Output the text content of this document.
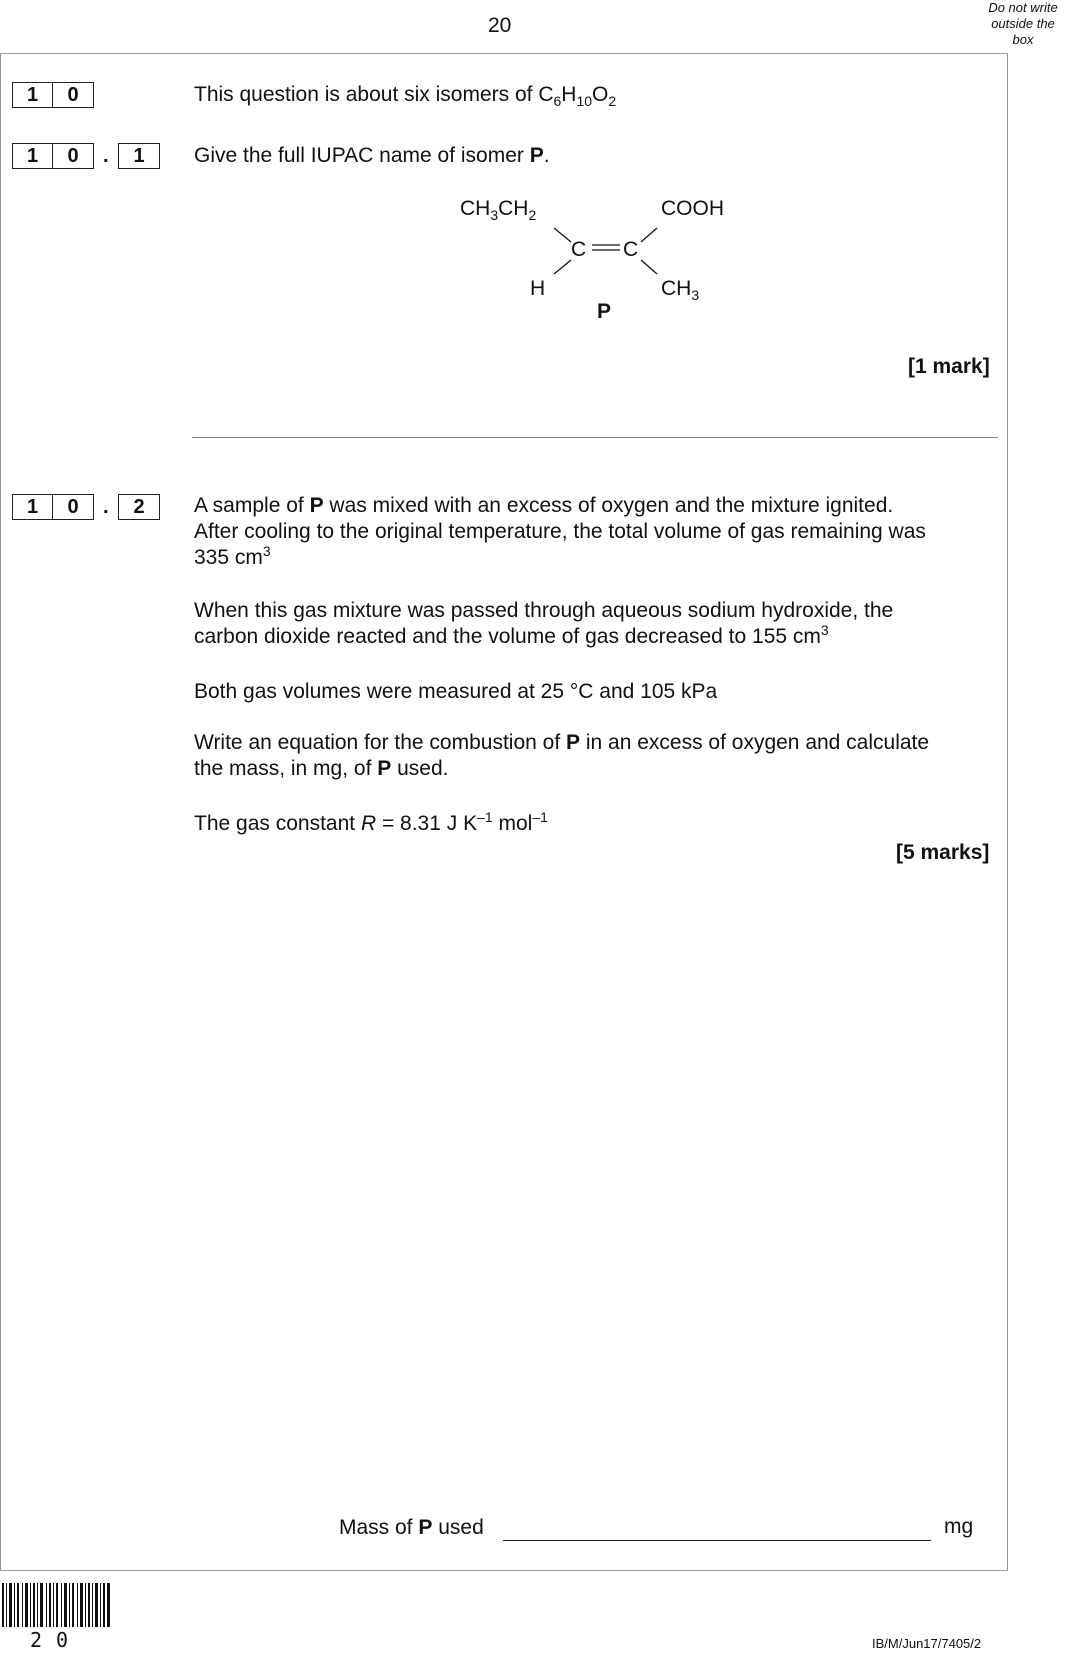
20
Do not write
outside the
box
1	0	This question is about six isomers of $C_6H_{10}O_2$
1	0	.	1	Give the full IUPAC name of isomer P.
$CH_3CH_2$	COOH
C C
H	$CH_3$
P
[1 mark]
1	0	.	2	A sample of P was mixed with an excess of oxygen and the mixture ignited.
After cooling to the original temperature, the total volume of gas remaining was
335 $cm^3$
When this gas mixture was passed through aqueous sodium hydroxide, the
carbon dioxide reacted and the volume of gas decreased to 155 $cm^3$
Both gas volumes were measured at 25 °C and 105 kPa
Write an equation for the combustion of P in an excess of oxygen and calculate
the mass, in mg, of P used.
The gas constant R = 8.31 J $K^{-1}$ mol$^{-1}$
[5 marks]
Mass of P used	mg
20	IB/M/Jun17/7405/2
